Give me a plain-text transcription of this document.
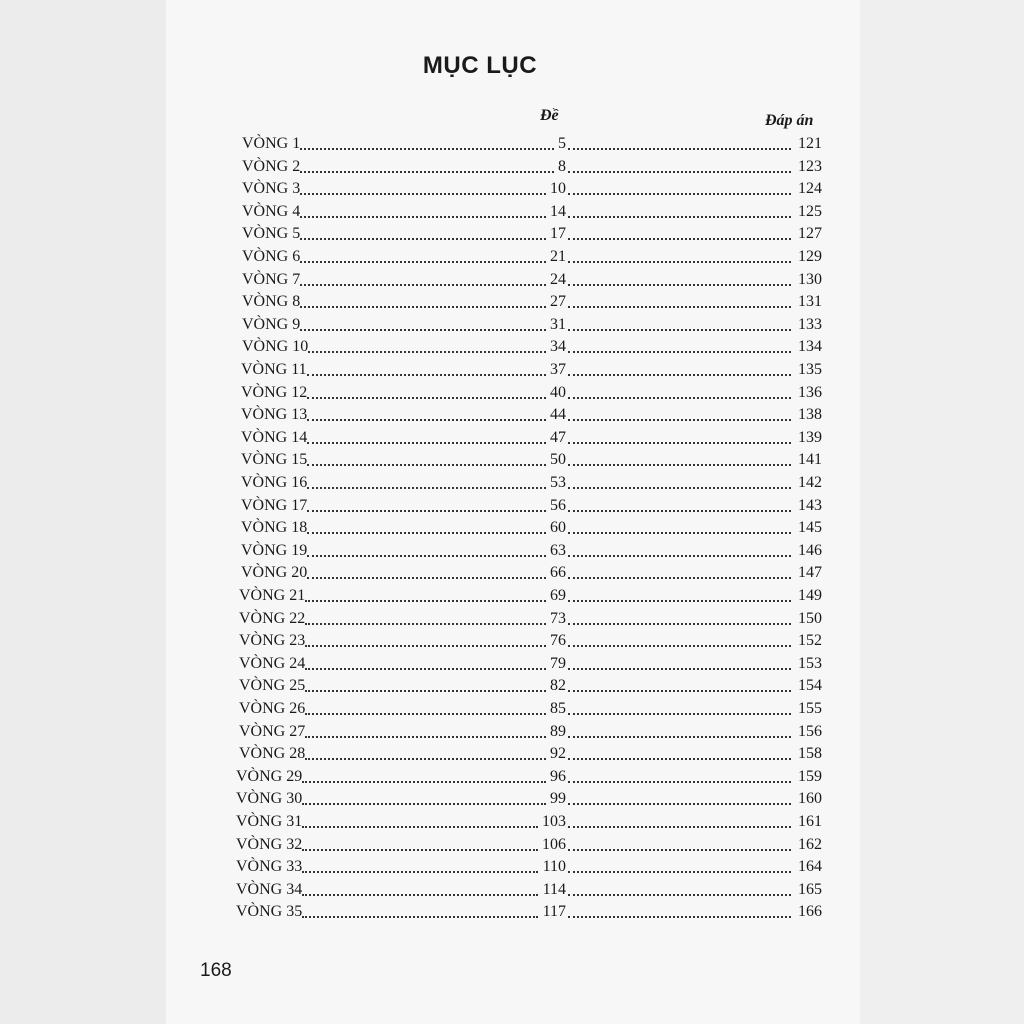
MỤC LỤC
Đề	Đáp án
VÒNG 1	5	121
VÒNG 2	8	123
VÒNG 3	10	124
VÒNG 4	14	125
VÒNG 5	17	127
VÒNG 6	21	129
VÒNG 7	24	130
VÒNG 8	27	131
VÒNG 9	31	133
VÒNG 10	34	134
VÒNG 11	37	135
VÒNG 12	40	136
VÒNG 13	44	138
VÒNG 14	47	139
VÒNG 15	50	141
VÒNG 16	53	142
VÒNG 17	56	143
VÒNG 18	60	145
VÒNG 19	63	146
VÒNG 20	66	147
VÒNG 21	69	149
VÒNG 22	73	150
VÒNG 23	76	152
VÒNG 24	79	153
VÒNG 25	82	154
VÒNG 26	85	155
VÒNG 27	89	156
VÒNG 28	92	158
VÒNG 29	96	159
VÒNG 30	99	160
VÒNG 31	103	161
VÒNG 32	106	162
VÒNG 33	110	164
VÒNG 34	114	165
VÒNG 35	117	166
168
